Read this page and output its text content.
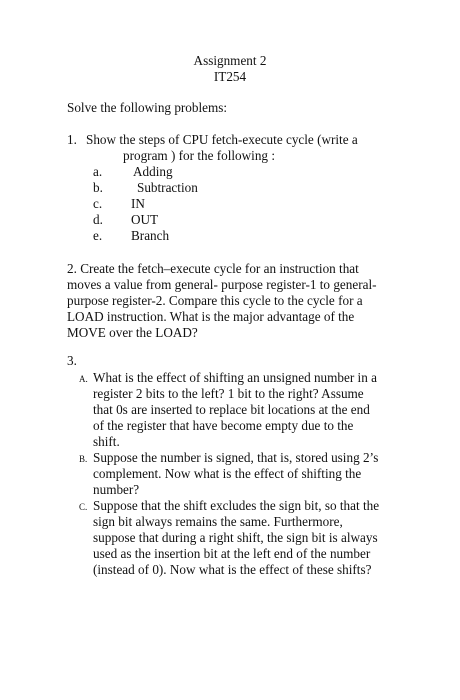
Assignment 2
IT254
Solve the following problems:
1. Show the steps of CPU fetch-execute cycle (write a
program ) for the following :
a. Adding
b.	Subtraction
c. IN
d. OUT
e. Branch
2. Create the fetch–execute cycle for an instruction that
moves a value from general- purpose register-1 to general-
purpose register-2. Compare this cycle to the cycle for a
LOAD instruction. What is the major advantage of the
MOVE over the LOAD?
3.
A. What is the effect of shifting an unsigned number in a
register 2 bits to the left? 1 bit to the right? Assume
that 0s are inserted to replace bit locations at the end
of the register that have become empty due to the
shift.
B. Suppose the number is signed, that is, stored using 2’s
complement. Now what is the effect of shifting the
number?
C. Suppose that the shift excludes the sign bit, so that the
sign bit always remains the same. Furthermore,
suppose that during a right shift, the sign bit is always
used as the insertion bit at the left end of the number
(instead of 0). Now what is the effect of these shifts?
